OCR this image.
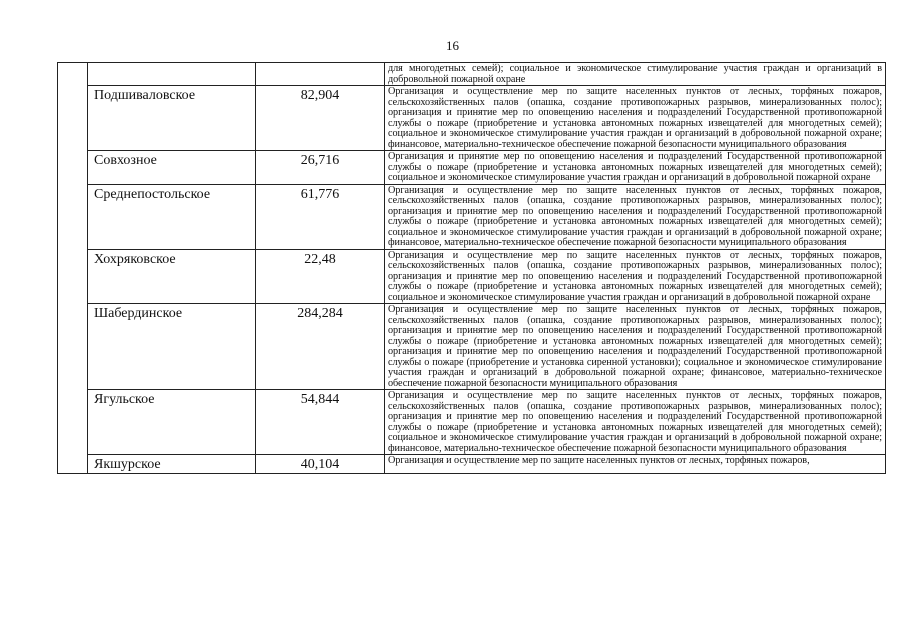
16
			для многодетных семей); социальное и экономическое стимулирование участия граждан и организаций в добровольной пожарной охране
	Подшиваловское	82,904	Организация и осуществление мер по защите населенных пунктов от лесных, торфяных пожаров, сельскохозяйственных палов (опашка, создание противопожарных разрывов, минерализованных полос); организация и принятие мер по оповещению населения и подразделений Государственной противопожарной службы о пожаре (приобретение и установка автономных пожарных извещателей для многодетных семей); социальное и экономическое стимулирование участия граждан и организаций в добровольной пожарной охране; финансовое, материально-техническое обеспечение пожарной безопасности муниципального образования
	Совхозное	26,716	Организация и принятие мер по оповещению населения и подразделений Государственной противопожарной службы о пожаре (приобретение и установка автономных пожарных извещателей для многодетных семей); социальное и экономическое стимулирование участия граждан и организаций в добровольной пожарной охране
	Среднепостольское	61,776	Организация и осуществление мер по защите населенных пунктов от лесных, торфяных пожаров, сельскохозяйственных палов (опашка, создание противопожарных разрывов, минерализованных полос); организация и принятие мер по оповещению населения и подразделений Государственной противопожарной службы о пожаре (приобретение и установка автономных пожарных извещателей для многодетных семей); социальное и экономическое стимулирование участия граждан и организаций в добровольной пожарной охране; финансовое, материально-техническое обеспечение пожарной безопасности муниципального образования
	Хохряковское	22,48	Организация и осуществление мер по защите населенных пунктов от лесных, торфяных пожаров, сельскохозяйственных палов (опашка, создание противопожарных разрывов, минерализованных полос); организация и принятие мер по оповещению населения и подразделений Государственной противопожарной службы о пожаре (приобретение и установка автономных пожарных извещателей для многодетных семей); социальное и экономическое стимулирование участия граждан и организаций в добровольной пожарной охране
	Шабердинское	284,284	Организация и осуществление мер по защите населенных пунктов от лесных, торфяных пожаров, сельскохозяйственных палов (опашка, создание противопожарных разрывов, минерализованных полос); организация и принятие мер по оповещению населения и подразделений Государственной противопожарной службы о пожаре (приобретение и установка автономных пожарных извещателей для многодетных семей); организация и принятие мер по оповещению населения и подразделений Государственной противопожарной службы о пожаре (приобретение и установка сиренной установки); социальное и экономическое стимулирование участия граждан и организаций в добровольной пожарной охране; финансовое, материально-техническое обеспечение пожарной безопасности муниципального образования
	Ягульское	54,844	Организация и осуществление мер по защите населенных пунктов от лесных, торфяных пожаров, сельскохозяйственных палов (опашка, создание противопожарных разрывов, минерализованных полос); организация и принятие мер по оповещению населения и подразделений Государственной противопожарной службы о пожаре (приобретение и установка автономных пожарных извещателей для многодетных семей); социальное и экономическое стимулирование участия граждан и организаций в добровольной пожарной охране; финансовое, материально-техническое обеспечение пожарной безопасности муниципального образования
	Якшурское	40,104	Организация и осуществление мер по защите населенных пунктов от лесных, торфяных пожаров,
